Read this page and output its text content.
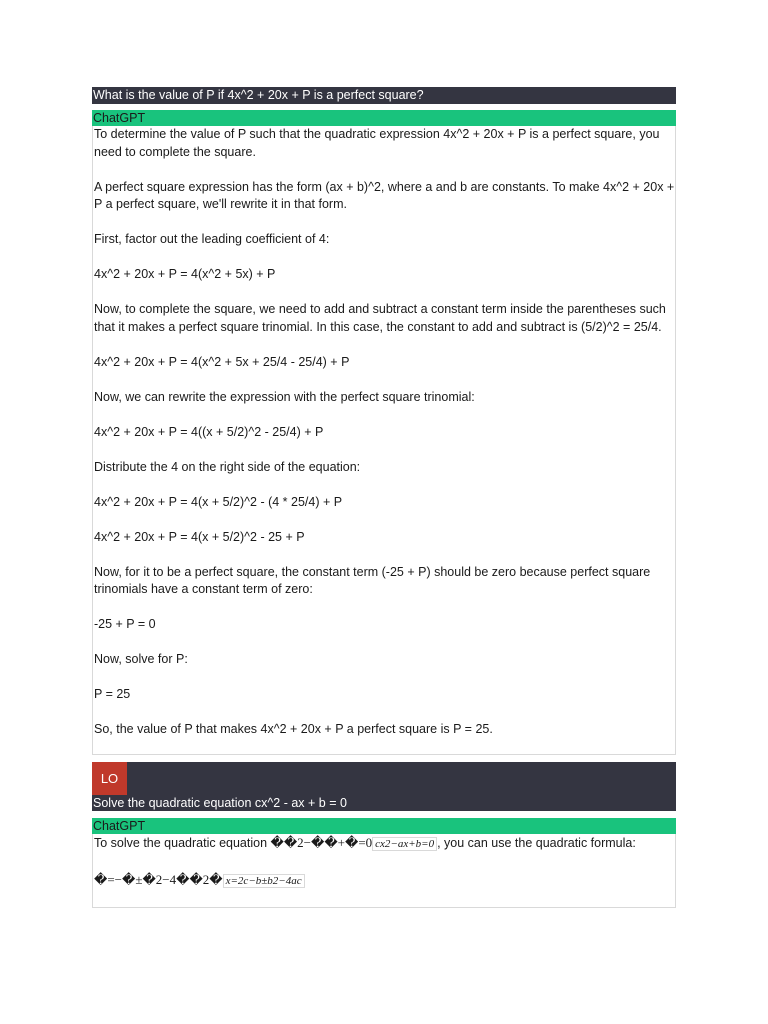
What is the value of P if 4x^2 + 20x + P is a perfect square?
ChatGPT

To determine the value of P such that the quadratic expression 4x^2 + 20x + P is a perfect square, you need to complete the square.

A perfect square expression has the form (ax + b)^2, where a and b are constants. To make 4x^2 + 20x + P a perfect square, we'll rewrite it in that form.

First, factor out the leading coefficient of 4:

4x^2 + 20x + P = 4(x^2 + 5x) + P

Now, to complete the square, we need to add and subtract a constant term inside the parentheses such that it makes a perfect square trinomial. In this case, the constant to add and subtract is (5/2)^2 = 25/4.

4x^2 + 20x + P = 4(x^2 + 5x + 25/4 - 25/4) + P

Now, we can rewrite the expression with the perfect square trinomial:

4x^2 + 20x + P = 4((x + 5/2)^2 - 25/4) + P

Distribute the 4 on the right side of the equation:

4x^2 + 20x + P = 4(x + 5/2)^2 - (4 * 25/4) + P

4x^2 + 20x + P = 4(x + 5/2)^2 - 25 + P

Now, for it to be a perfect square, the constant term (-25 + P) should be zero because perfect square trinomials have a constant term of zero:

-25 + P = 0

Now, solve for P:

P = 25

So, the value of P that makes 4x^2 + 20x + P a perfect square is P = 25.

LO
Solve the quadratic equation cx^2 - ax + b = 0
ChatGPT

To solve the quadratic equation ��2−��+�=0 cx2−ax+b=0 , you can use the quadratic formula:

�=−�±�2−4��2� x=2c−b±b2−4ac
